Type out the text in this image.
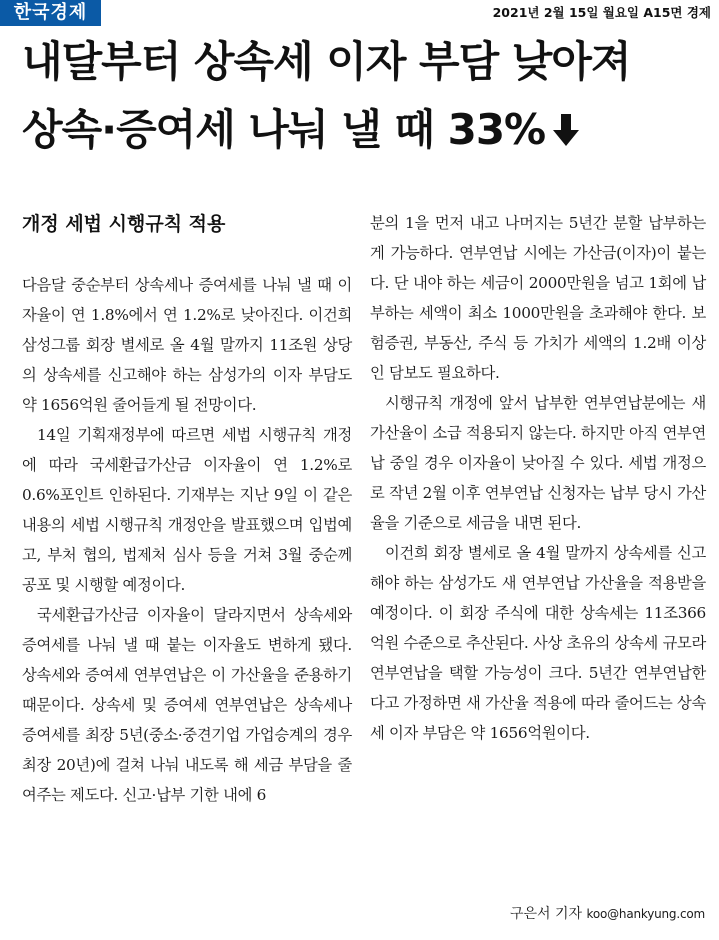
한국경제	2021년 2월 15일 월요일 A15면 경제
내달부터 상속세 이자 부담 낮아져
상속·증여세 나눠 낼 때 33%
개정 세법 시행규칙 적용

다음달 중순부터 상속세나 증여세를 나눠 낼 때 이자율이 연 1.8%에서 연 1.2%로 낮아진다. 이건희 삼성그룹 회장 별세로 올 4월 말까지 11조원 상당의 상속세를 신고해야 하는 삼성가의 이자 부담도 약 1656억원 줄어들게 될 전망이다.

14일 기획재정부에 따르면 세법 시행규칙 개정에 따라 국세환급가산금 이자율이 연 1.2%로 0.6%포인트 인하된다. 기재부는 지난 9일 이 같은 내용의 세법 시행규칙 개정안을 발표했으며 입법예고, 부처 협의, 법제처 심사 등을 거쳐 3월 중순께 공포 및 시행할 예정이다.

국세환급가산금 이자율이 달라지면서 상속세와 증여세를 나눠 낼 때 붙는 이자율도 변하게 됐다. 상속세와 증여세 연부연납은 이 가산율을 준용하기 때문이다. 상속세 및 증여세 연부연납은 상속세나 증여세를 최장 5년(중소·중견기업 가업승계의 경우 최장 20년)에 걸쳐 나눠 내도록 해 세금 부담을 줄여주는 제도다. 신고·납부 기한 내에 6

분의 1을 먼저 내고 나머지는 5년간 분할 납부하는 게 가능하다. 연부연납 시에는 가산금(이자)이 붙는다. 단 내야 하는 세금이 2000만원을 넘고 1회에 납부하는 세액이 최소 1000만원을 초과해야 한다. 보험증권, 부동산, 주식 등 가치가 세액의 1.2배 이상인 담보도 필요하다.

시행규칙 개정에 앞서 납부한 연부연납분에는 새 가산율이 소급 적용되지 않는다. 하지만 아직 연부연납 중일 경우 이자율이 낮아질 수 있다. 세법 개정으로 작년 2월 이후 연부연납 신청자는 납부 당시 가산율을 기준으로 세금을 내면 된다.

이건희 회장 별세로 올 4월 말까지 상속세를 신고해야 하는 삼성가도 새 연부연납 가산율을 적용받을 예정이다. 이 회장 주식에 대한 상속세는 11조366억원 수준으로 추산된다. 사상 초유의 상속세 규모라 연부연납을 택할 가능성이 크다. 5년간 연부연납한다고 가정하면 새 가산율 적용에 따라 줄어드는 상속세 이자 부담은 약 1656억원이다.

구은서 기자 koo@hankyung.com
